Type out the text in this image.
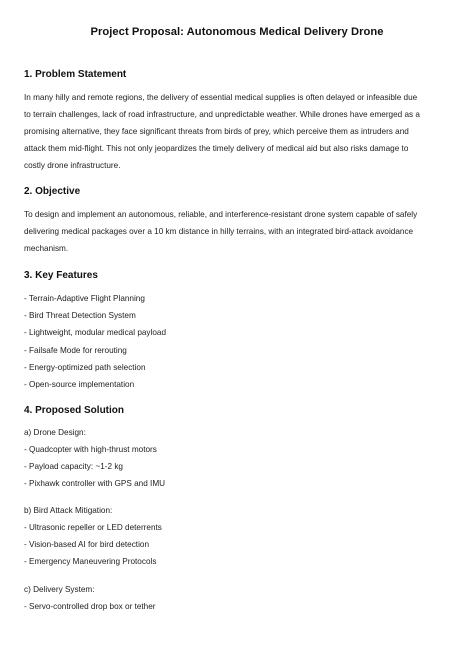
Project Proposal: Autonomous Medical Delivery Drone
1. Problem Statement
In many hilly and remote regions, the delivery of essential medical supplies is often delayed or infeasible due
to terrain challenges, lack of road infrastructure, and unpredictable weather. While drones have emerged as a
promising alternative, they face significant threats from birds of prey, which perceive them as intruders and
attack them mid-flight. This not only jeopardizes the timely delivery of medical aid but also risks damage to
costly drone infrastructure.
2. Objective
To design and implement an autonomous, reliable, and interference-resistant drone system capable of safely
delivering medical packages over a 10 km distance in hilly terrains, with an integrated bird-attack avoidance
mechanism.
3. Key Features
- Terrain-Adaptive Flight Planning
- Bird Threat Detection System
- Lightweight, modular medical payload
- Failsafe Mode for rerouting
- Energy-optimized path selection
- Open-source implementation
4. Proposed Solution
a) Drone Design:
- Quadcopter with high-thrust motors
- Payload capacity: ~1-2 kg
- Pixhawk controller with GPS and IMU
b) Bird Attack Mitigation:
- Ultrasonic repeller or LED deterrents
- Vision-based AI for bird detection
- Emergency Maneuvering Protocols
c) Delivery System:
- Servo-controlled drop box or tether
